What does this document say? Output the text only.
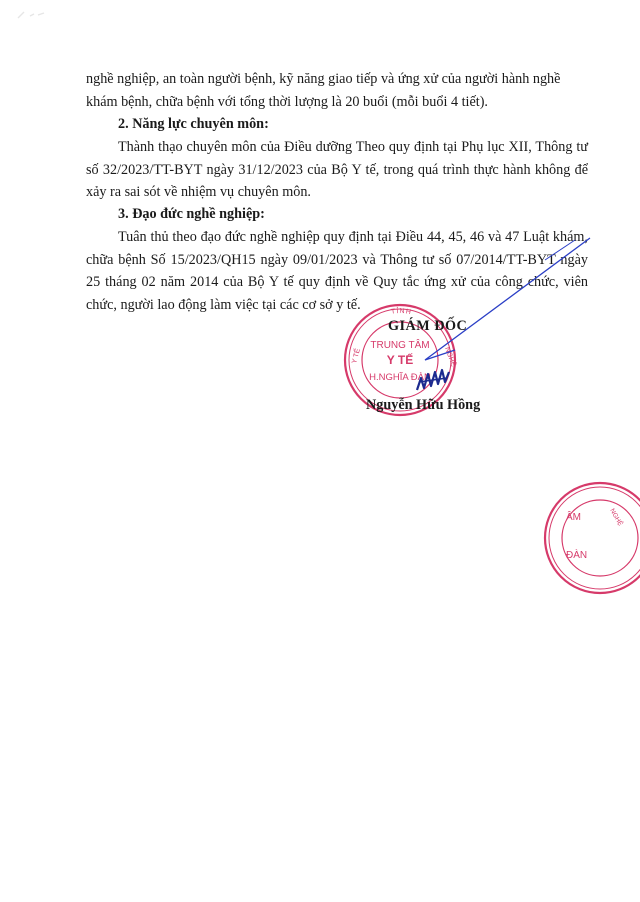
nghề nghiệp, an toàn người bệnh, kỹ năng giao tiếp và ứng xử của người hành nghề
khám bệnh, chữa bệnh với tổng thời lượng là 20 buổi (mỗi buổi 4 tiết).
2. Năng lực chuyên môn:

Thành thạo chuyên môn của Điều dưỡng Theo quy định tại Phụ lục XII, Thông tư số 32/2023/TT-BYT ngày 31/12/2023 của Bộ Y tế, trong quá trình thực hành không để xảy ra sai sót về nhiệm vụ chuyên môn.

3. Đạo đức nghề nghiệp:

Tuân thủ theo đạo đức nghề nghiệp quy định tại Điều 44, 45, 46 và 47 Luật khám, chữa bệnh Số 15/2023/QH15 ngày 09/01/2023 và Thông tư số 07/2014/TT-BYT ngày 25 tháng 02 năm 2014 của Bộ Y tế quy định về Quy tắc ứng xử của công chức, viên chức, người lao động làm việc tại các cơ sở y tế.	TỈNH
Y TẾ	NGHỆ
TRUNG TÂM
Y TẾ
H.NGHĨA ĐÀN
GIÁM ĐỐC
Nguyễn Hữu Hồng
ÂM
ĐÀN
NGHỆ
